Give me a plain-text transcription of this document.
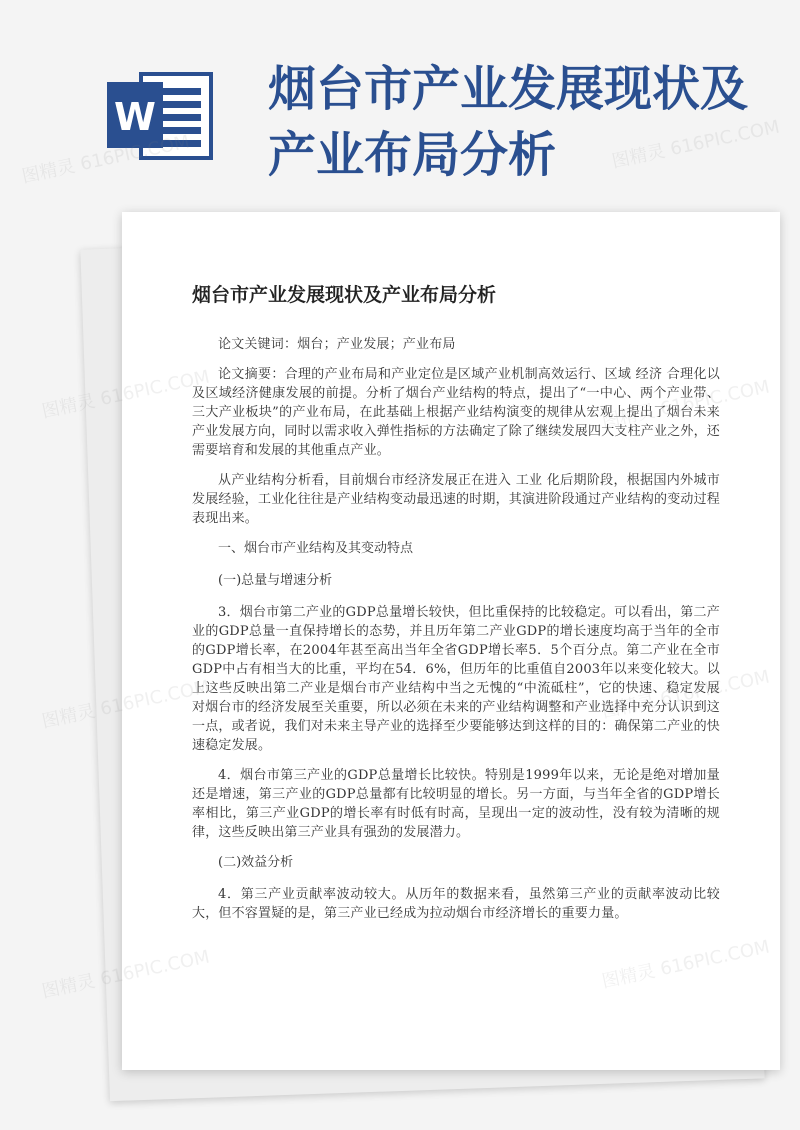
W 烟台市产业发展现状及产业布局分析
烟台市产业发展现状及产业布局分析

论文关键词：烟台；产业发展；产业布局

论文摘要：合理的产业布局和产业定位是区域产业机制高效运行、区域 经济 合理化以及区域经济健康发展的前提。分析了烟台产业结构的特点，提出了“一中心、两个产业带、三大产业板块”的产业布局，在此基础上根据产业结构演变的规律从宏观上提出了烟台未来产业发展方向，同时以需求收入弹性指标的方法确定了除了继续发展四大支柱产业之外，还需要培育和发展的其他重点产业。

从产业结构分析看，目前烟台市经济发展正在进入 工业 化后期阶段，根据国内外城市发展经验，工业化往往是产业结构变动最迅速的时期，其演进阶段通过产业结构的变动过程表现出来。

一、烟台市产业结构及其变动特点

(一)总量与增速分析

3．烟台市第二产业的GDP总量增长较快，但比重保持的比较稳定。可以看出，第二产业的GDP总量一直保持增长的态势，并且历年第二产业GDP的增长速度均高于当年的全市的GDP增长率，在2004年甚至高出当年全省GDP增长率5．5个百分点。第二产业在全市GDP中占有相当大的比重，平均在54．6%，但历年的比重值自2003年以来变化较大。以上这些反映出第二产业是烟台市产业结构中当之无愧的“中流砥柱”，它的快速、稳定发展对烟台市的经济发展至关重要，所以必须在未来的产业结构调整和产业选择中充分认识到这一点，或者说，我们对未来主导产业的选择至少要能够达到这样的目的：确保第二产业的快速稳定发展。

4．烟台市第三产业的GDP总量增长比较快。特别是1999年以来，无论是绝对增加量还是增速，第三产业的GDP总量都有比较明显的增长。另一方面，与当年全省的GDP增长率相比，第三产业GDP的增长率有时低有时高，呈现出一定的波动性，没有较为清晰的规律，这些反映出第三产业具有强劲的发展潜力。

(二)效益分析

4．第三产业贡献率波动较大。从历年的数据来看，虽然第三产业的贡献率波动比较大，但不容置疑的是，第三产业已经成为拉动烟台市经济增长的重要力量。

图精灵 616PIC.COM	图精灵 616PIC.COM
图精灵
图精灵
图精灵
